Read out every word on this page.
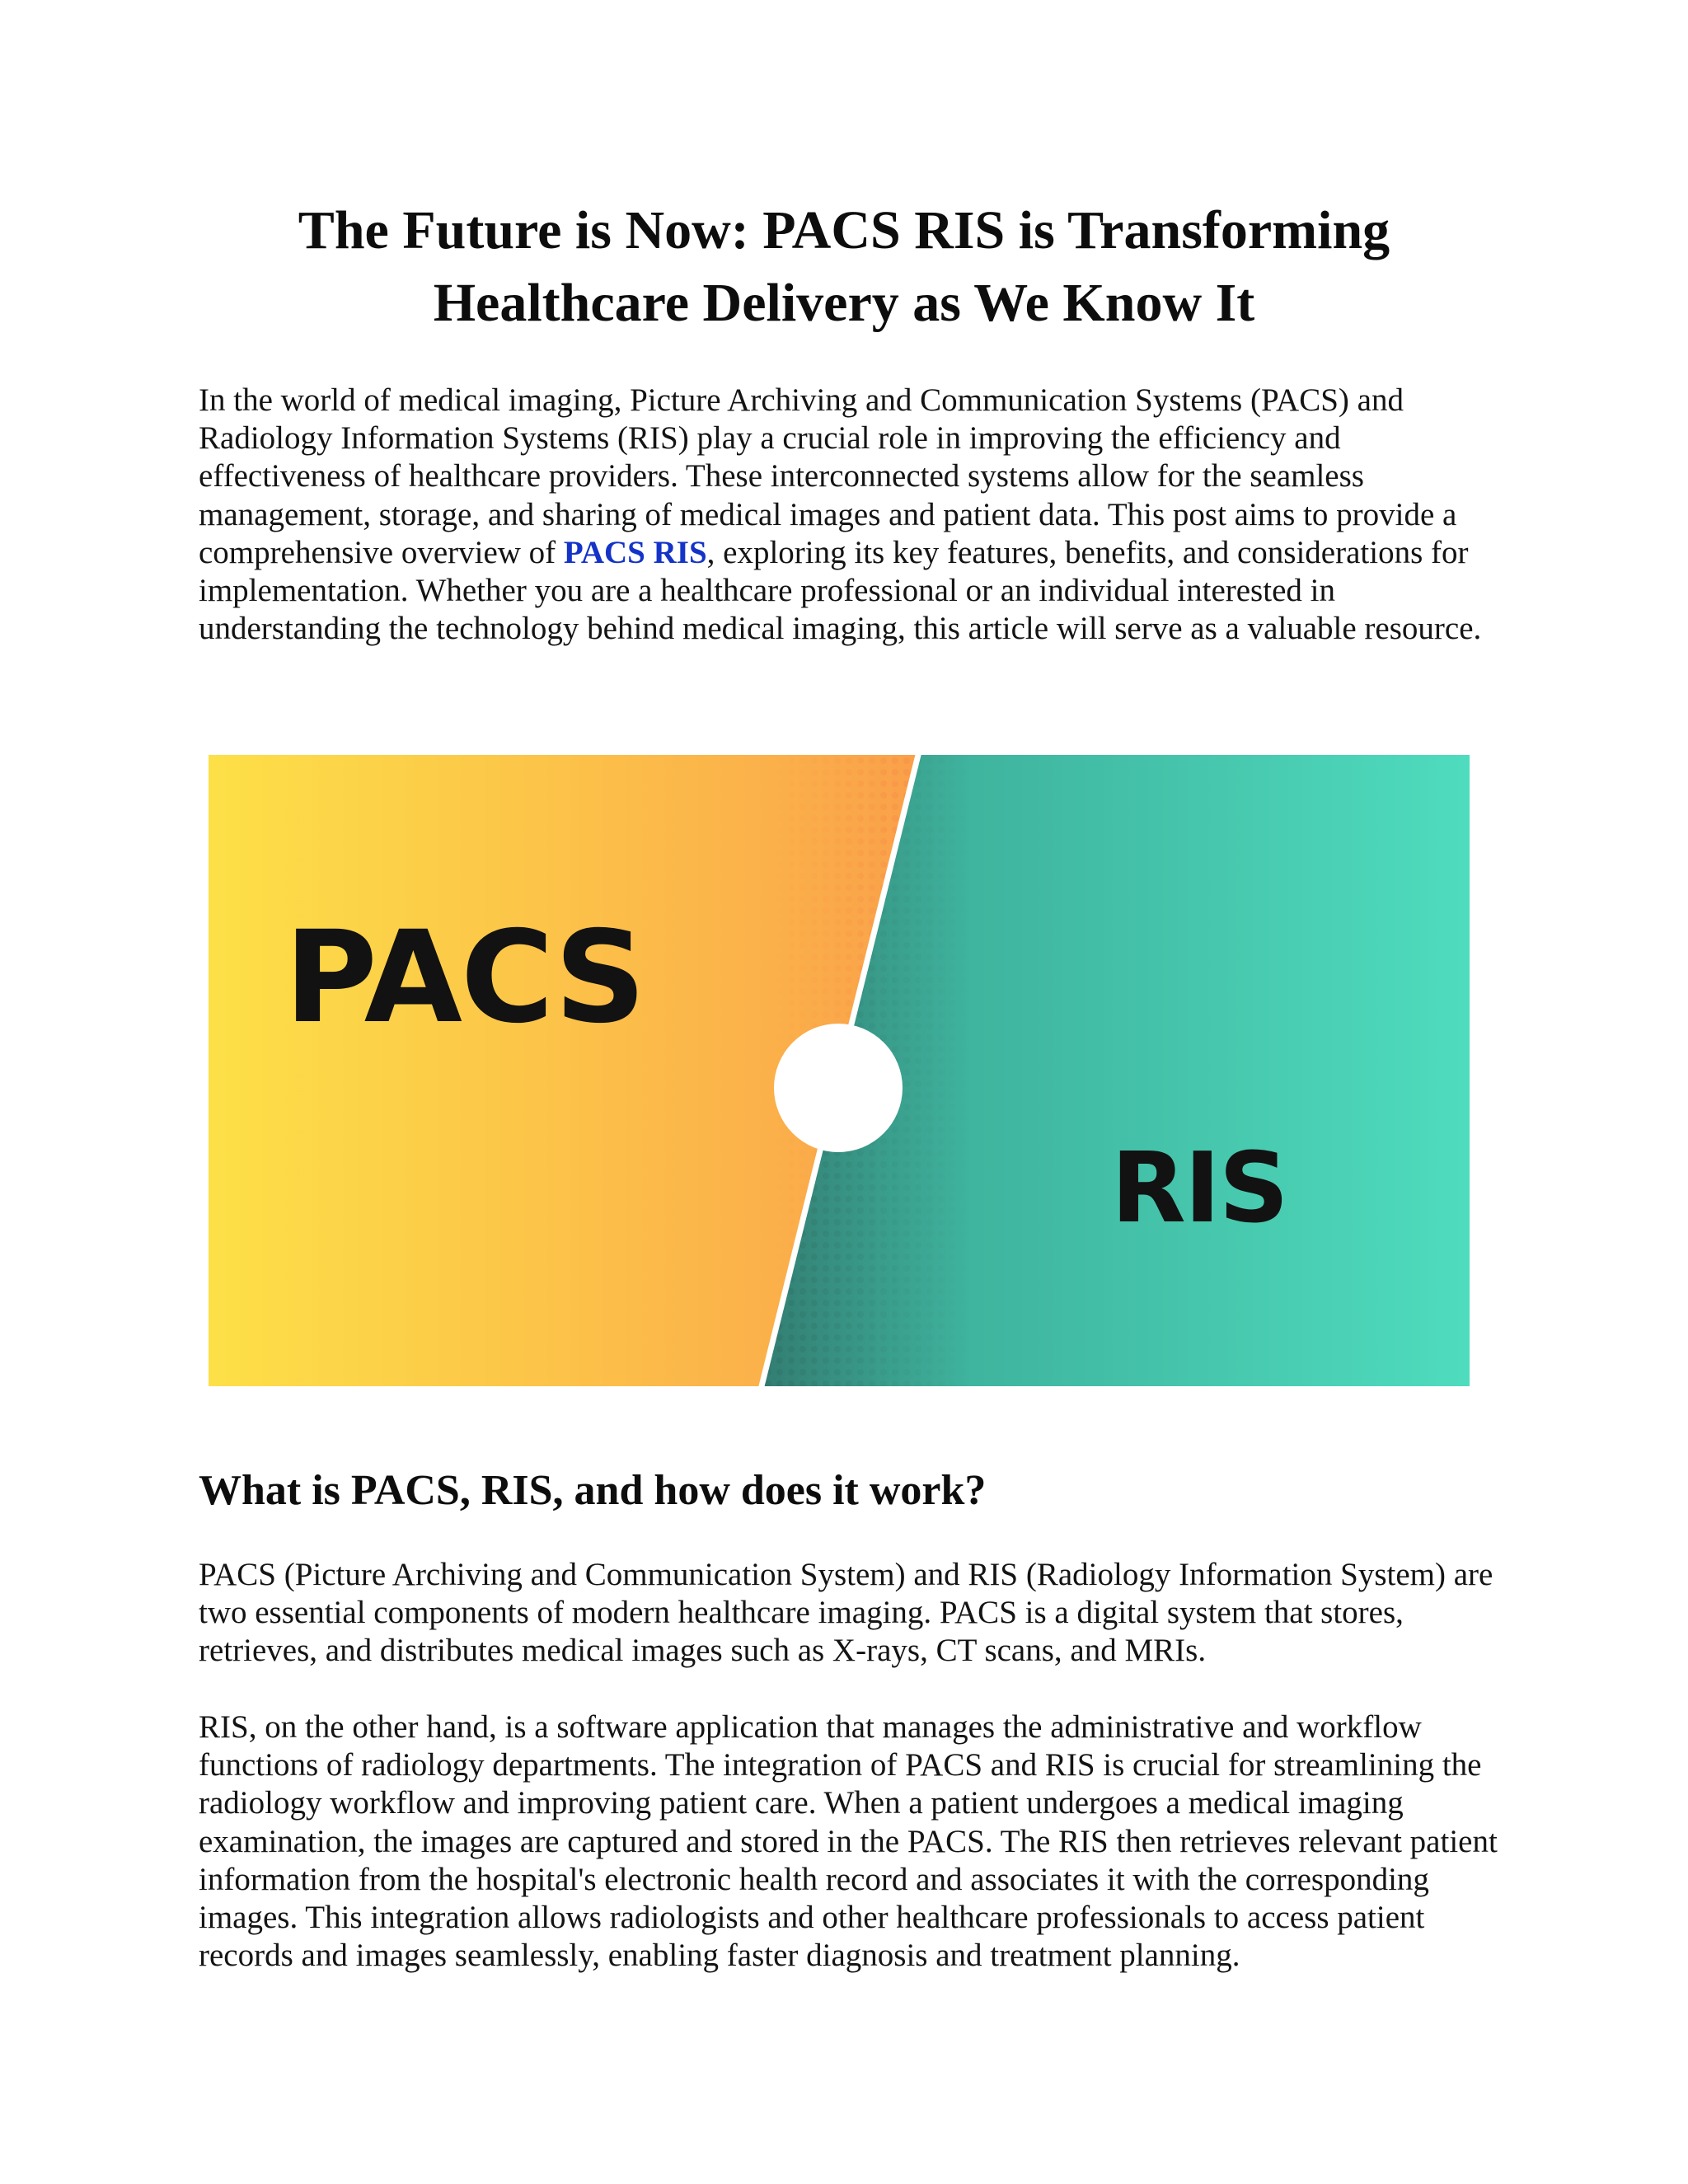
The Future is Now: PACS RIS is Transforming
Healthcare Delivery as We Know It

In the world of medical imaging, Picture Archiving and Communication Systems (PACS) and Radiology Information Systems (RIS) play a crucial role in improving the efficiency and effectiveness of healthcare providers. These interconnected systems allow for the seamless management, storage, and sharing of medical images and patient data. This post aims to provide a comprehensive overview of PACS RIS, exploring its key features, benefits, and considerations for implementation. Whether you are a healthcare professional or an individual interested in understanding the technology behind medical imaging, this article will serve as a valuable resource.

PACS
RIS
What is PACS, RIS, and how does it work?

PACS (Picture Archiving and Communication System) and RIS (Radiology Information System) are two essential components of modern healthcare imaging. PACS is a digital system that stores, retrieves, and distributes medical images such as X-rays, CT scans, and MRIs.

RIS, on the other hand, is a software application that manages the administrative and workflow functions of radiology departments. The integration of PACS and RIS is crucial for streamlining the radiology workflow and improving patient care. When a patient undergoes a medical imaging examination, the images are captured and stored in the PACS. The RIS then retrieves relevant patient information from the hospital's electronic health record and associates it with the corresponding images. This integration allows radiologists and other healthcare professionals to access patient records and images seamlessly, enabling faster diagnosis and treatment planning.
